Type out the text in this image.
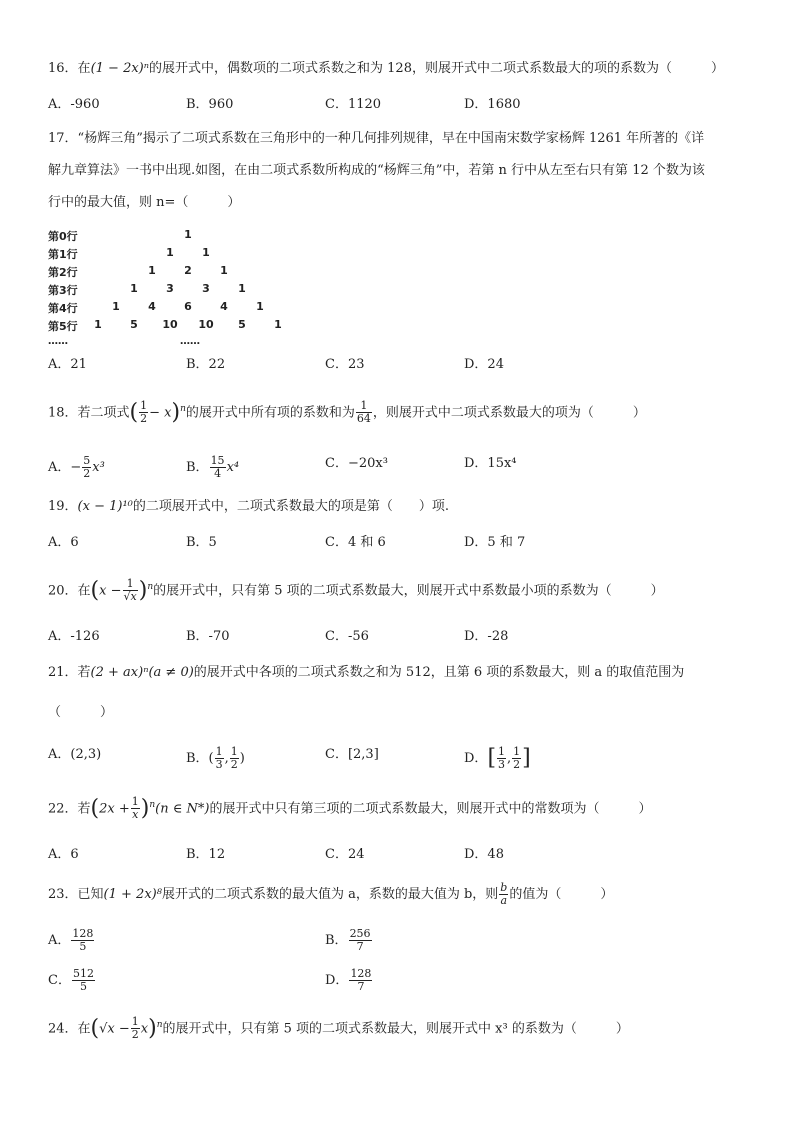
16．在(1 − 2x)ⁿ的展开式中，偶数项的二项式系数之和为 128，则展开式中二项式系数最大的项的系数为（　　　）
A．-960	B．960	C．1120	D．1680
17．“杨辉三角”揭示了二项式系数在三角形中的一种几何排列规律，早在中国南宋数学家杨辉 1261 年所著的《详
解九章算法》一书中出现.如图，在由二项式系数所构成的“杨辉三角”中，若第 n 行中从左至右只有第 12 个数为该
行中的最大值，则 n=（　　　）
第0行	1
第1行	1	1
第2行	1	2	1
第3行	1	3	3	1
第4行	1	4	6	4	1
第5行 1	5 10 10 5	1
……	……
A．21	B．22	C．23	D．24
18．若二项式( $\frac{1}{2} - x)^n$的展开式中所有项的系数和为 $\frac{1}{64}$ ，则展开式中二项式系数最大的项为（　　　）
A．− $\frac{5}{2} x^3$	B． $\frac{15}{4} x^4$	C．−20x³	D．15x⁴
19．(x − 1)¹⁰的二项展开式中，二项式系数最大的项是第（　　）项.
A．6	B．5	C．4 和 6	D．5 和 7
20．在$(x - \frac{1}{√x} )^n$的展开式中，只有第 5 项的二项式系数最大，则展开式中系数最小项的系数为（　　　）
A．-126	B．-70	C．-56	D．-28
21．若(2 + ax)ⁿ(a ≠ 0)的展开式中各项的二项式系数之和为 512，且第 6 项的系数最大，则 a 的取值范围为
（　　　）
A．(2,3)	B．( $\frac{1}{3}$ , $\frac{1}{2}$ )	C．[2,3]	D．[ $\frac{1}{3}$ , $\frac{1}{2}$ ]
22．若$(2x + \frac{1}{x} )^n(n$ ∈ N*)的展开式中只有第三项的二项式系数最大，则展开式中的常数项为（　　　）
A．6	B．12	C．24	D．48
23．已知(1 + 2x)⁸展开式的二项式系数的最大值为 a，系数的最大值为 b，则 $\frac{b}{a}$ 的值为（　　　）
A． $\frac{128}{5}$	B． $\frac{256}{7}$
C． $\frac{512}{5}$	D． $\frac{128}{7}$
24．在$(√x - \frac{1}{2} x)^n$的展开式中，只有第 5 项的二项式系数最大，则展开式中 x³ 的系数为（　　　）
